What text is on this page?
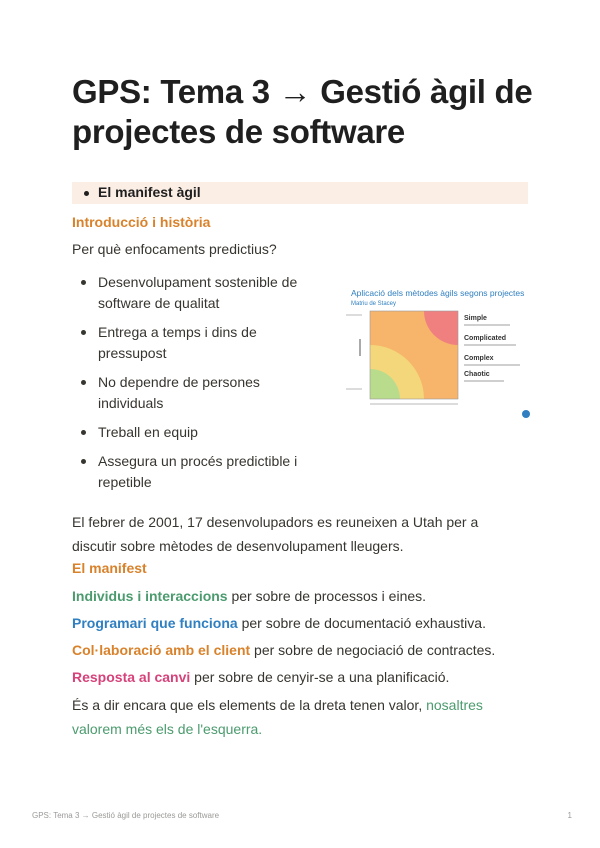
GPS: Tema 3 → Gestió àgil de projectes de software
El manifest àgil
Introducció i història
Per què enfocaments predictius?
Desenvolupament sostenible de software de qualitat
Entrega a temps i dins de pressupost
No dependre de persones individuals
Treball en equip
Assegura un procés predictible i repetible
Aplicació dels mètodes àgils segons projectes
Matriu de Stacey
Simple
Complicated
Complex
Chaotic
El febrer de 2001, 17 desenvolupadors es reuneixen a Utah per a discutir sobre mètodes de desenvolupament lleugers.
El manifest
Individus i interaccions per sobre de processos i eines.
Programari que funciona per sobre de documentació exhaustiva.
Col·laboració amb el client per sobre de negociació de contractes.
Resposta al canvi per sobre de cenyir-se a una planificació.
És a dir encara que els elements de la dreta tenen valor, nosaltres valorem més els de l'esquerra.
GPS: Tema 3 → Gestió àgil de projectes de software	1
